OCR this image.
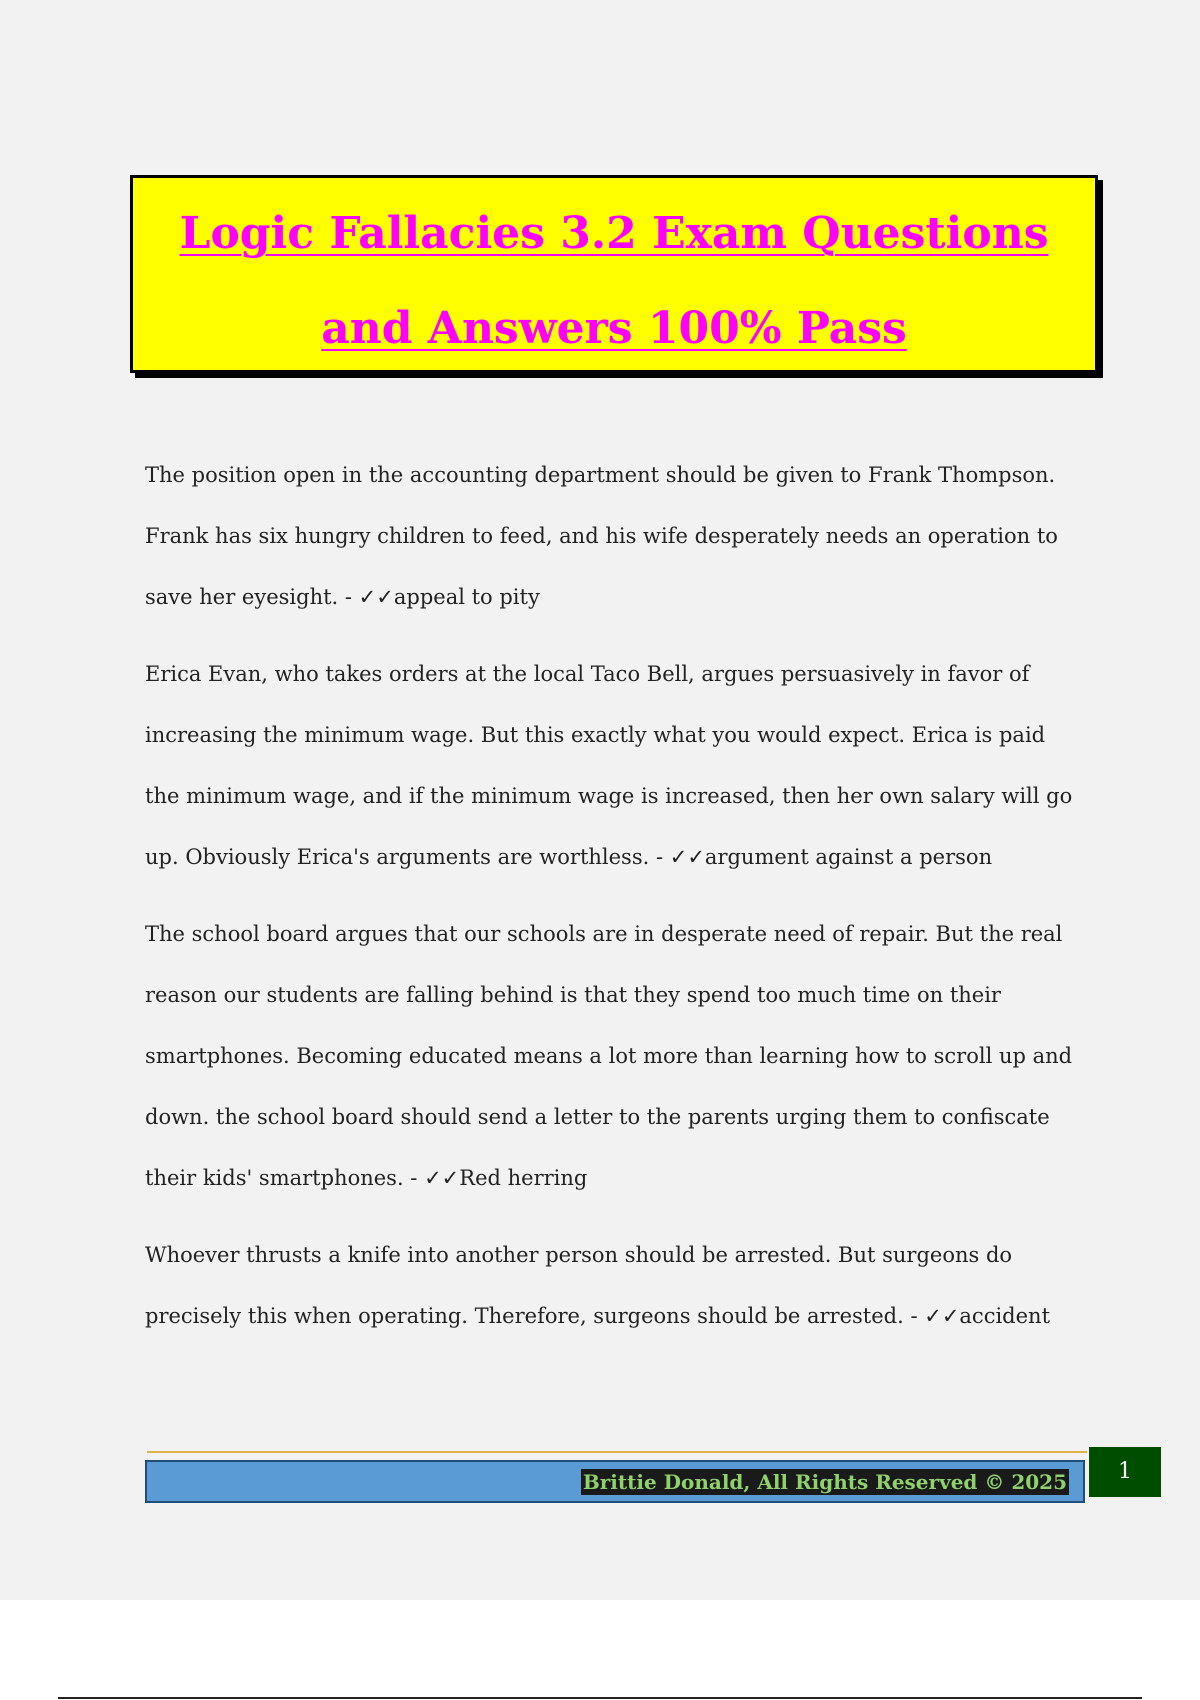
Logic Fallacies 3.2 Exam Questions
and Answers 100% Pass

The position open in the accounting department should be given to Frank Thompson. Frank has six hungry children to feed, and his wife desperately needs an operation to save her eyesight. - ✓✓appeal to pity

Erica Evan, who takes orders at the local Taco Bell, argues persuasively in favor of increasing the minimum wage. But this exactly what you would expect. Erica is paid the minimum wage, and if the minimum wage is increased, then her own salary will go up. Obviously Erica's arguments are worthless. - ✓✓argument against a person

The school board argues that our schools are in desperate need of repair. But the real reason our students are falling behind is that they spend too much time on their smartphones. Becoming educated means a lot more than learning how to scroll up and down. the school board should send a letter to the parents urging them to confiscate their kids' smartphones. - ✓✓Red herring

Whoever thrusts a knife into another person should be arrested. But surgeons do precisely this when operating. Therefore, surgeons should be arrested. - ✓✓accident

Brittie Donald, All Rights Reserved © 2025	1
